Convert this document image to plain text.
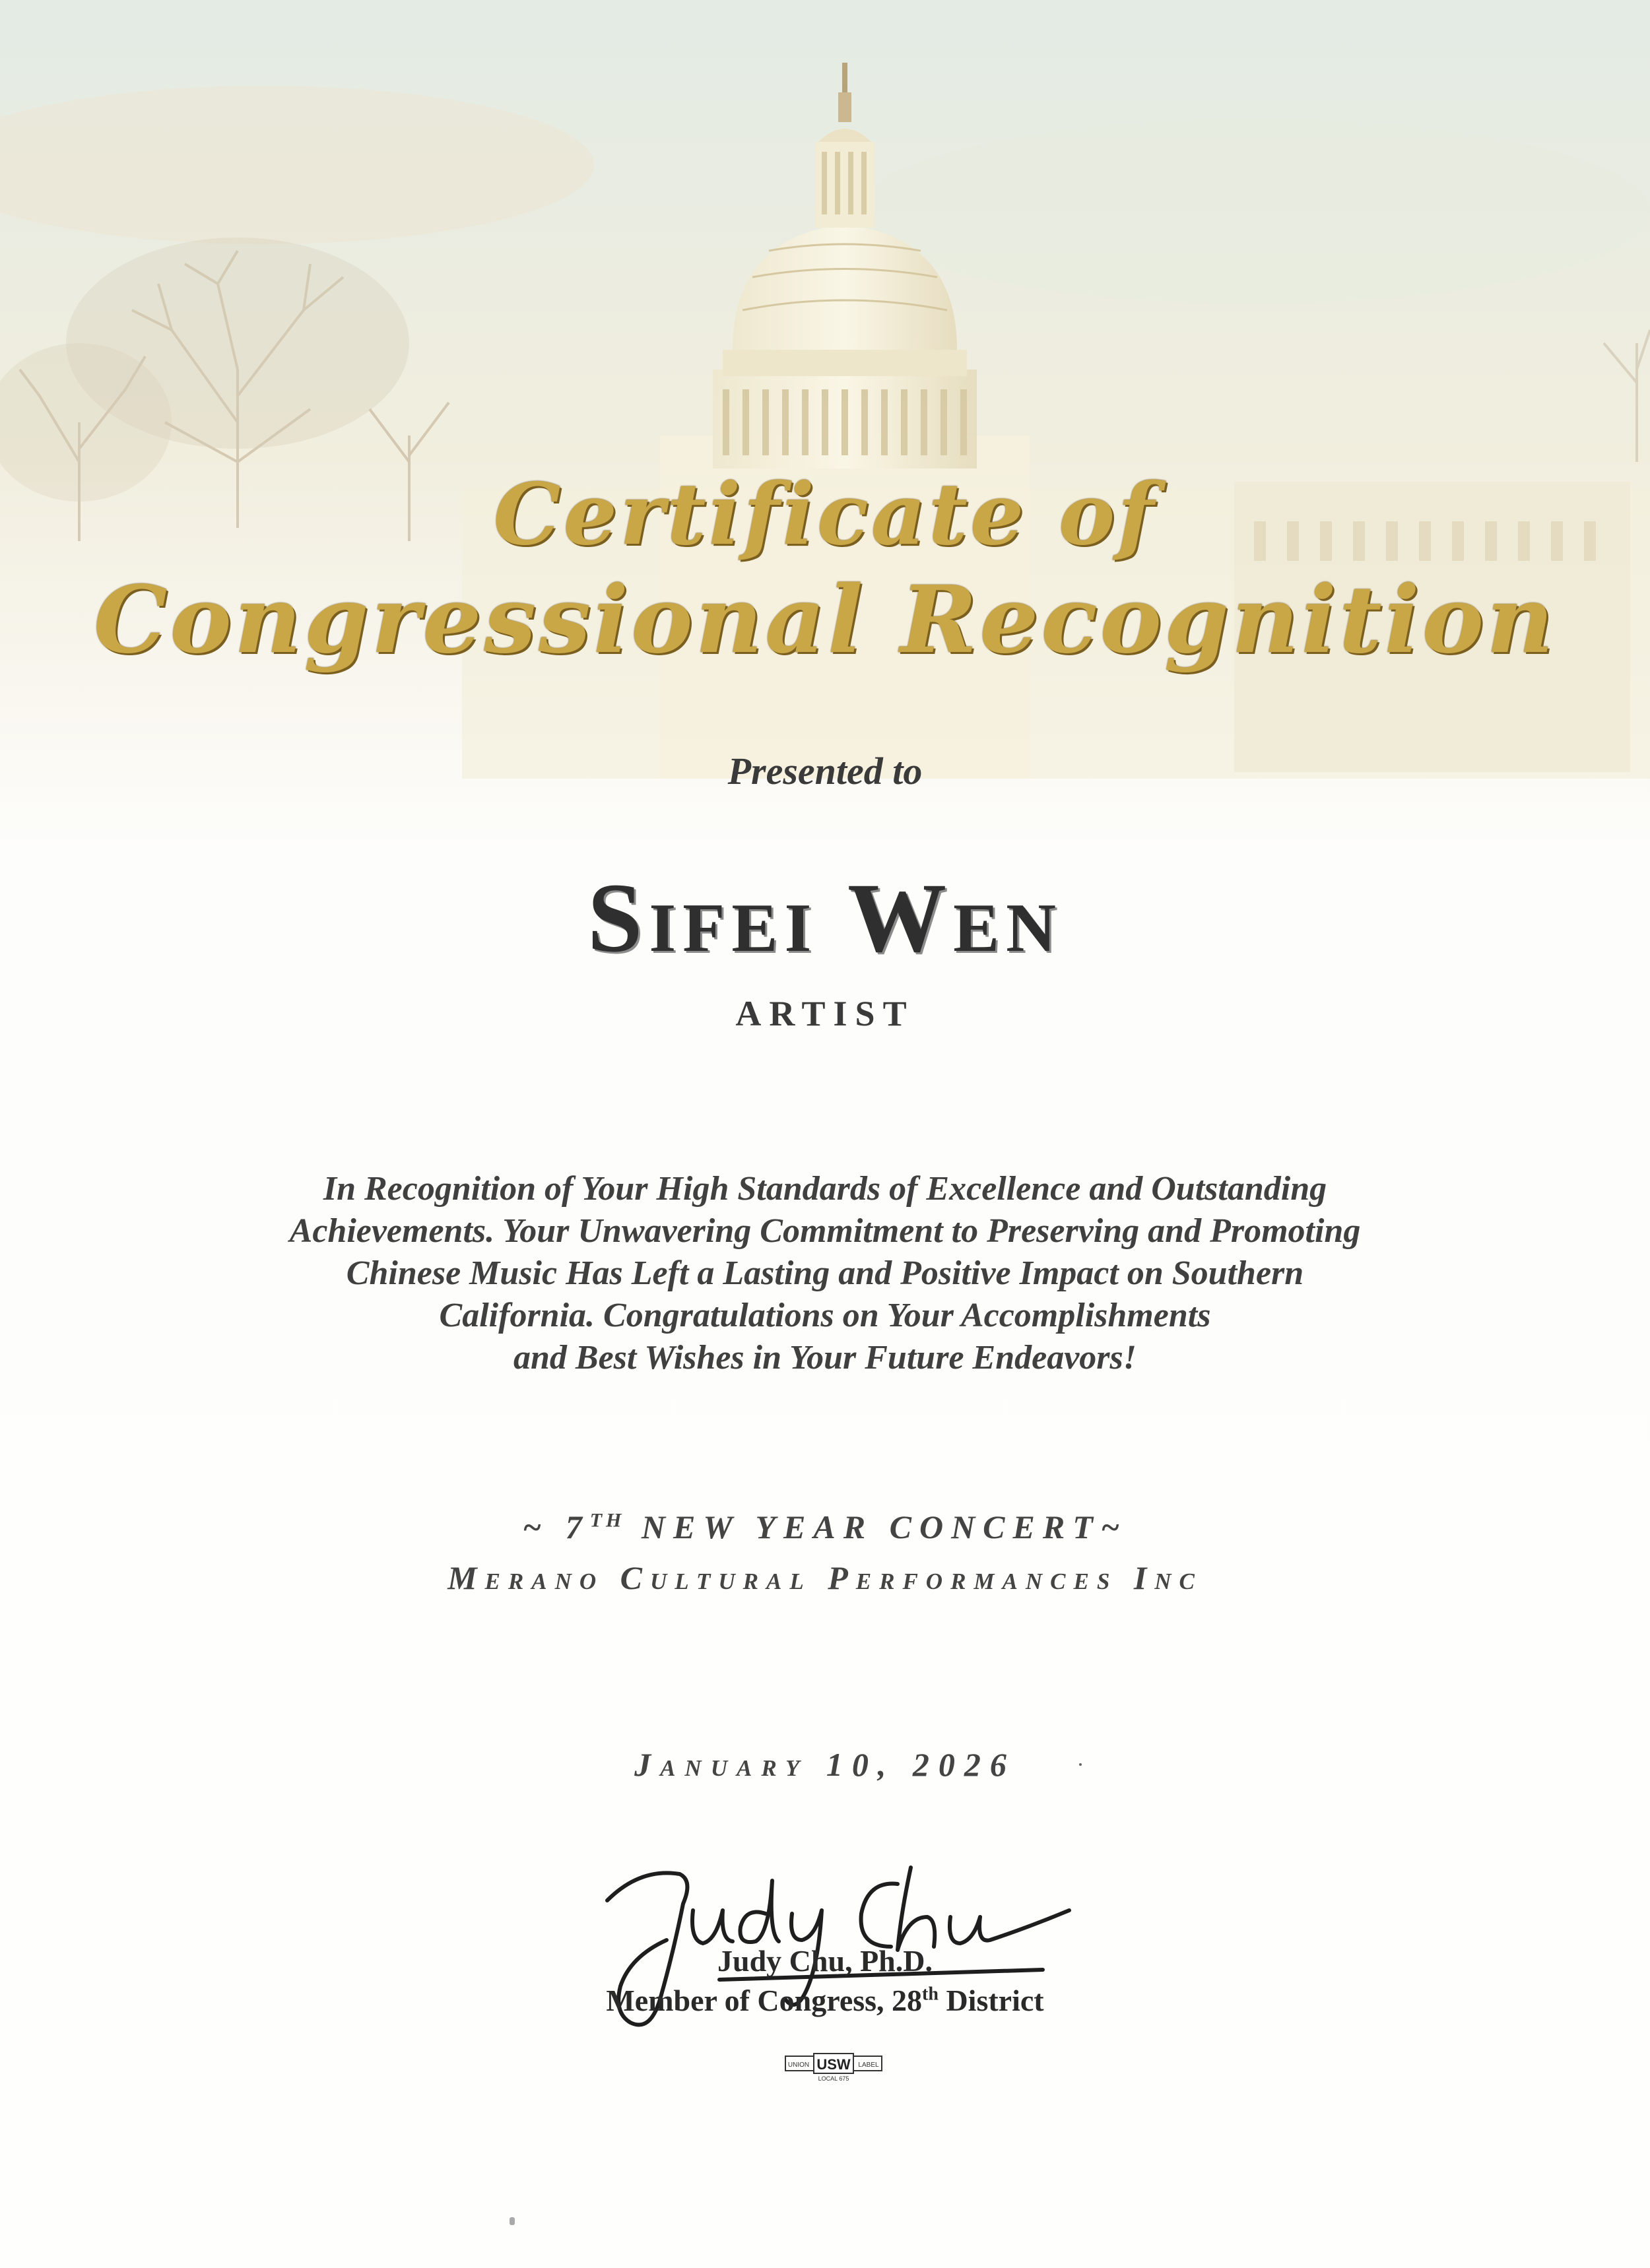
Certificate of
Congressional Recognition
Presented to
Sifei Wen
ARTIST
In Recognition of Your High Standards of Excellence and Outstanding
Achievements. Your Unwavering Commitment to Preserving and Promoting
Chinese Music Has Left a Lasting and Positive Impact on Southern
California. Congratulations on Your Accomplishments
and Best Wishes in Your Future Endeavors!
~ 7TH NEW YEAR CONCERT~
Merano Cultural Performances Inc
January 10, 2026
Judy Chu, Ph.D.
Member of Congress, 28th District
UNION USW LABEL
LOCAL 675
